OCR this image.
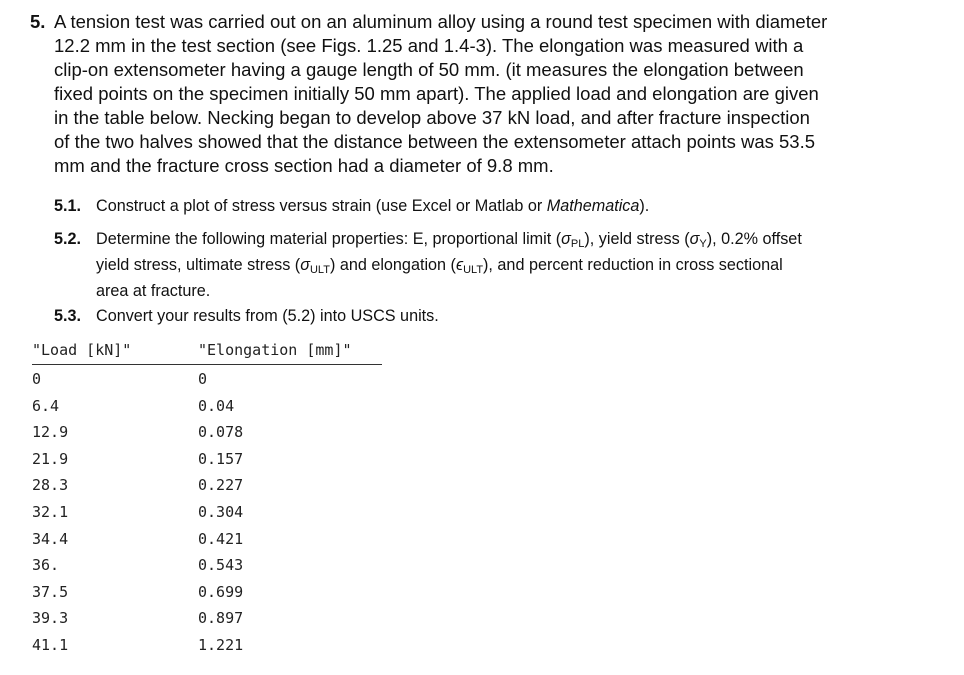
5. A tension test was carried out on an aluminum alloy using a round test specimen with diameter
12.2 mm in the test section (see Figs. 1.25 and 1.4-3). The elongation was measured with a
clip-on extensometer having a gauge length of 50 mm. (it measures the elongation between
fixed points on the specimen initially 50 mm apart). The applied load and elongation are given
in the table below. Necking began to develop above 37 kN load, and after fracture inspection
of the two halves showed that the distance between the extensometer attach points was 53.5
mm and the fracture cross section had a diameter of 9.8 mm.
5.1. Construct a plot of stress versus strain (use Excel or Matlab or Mathematica).
5.2. Determine the following material properties: E, proportional limit $(\sigma_{PL})$, yield stress $(\sigma_Y)$, 0.2% offset
yield stress, ultimate stress $(\sigma_{ULT})$ and elongation $(\epsilon_{ULT})$, and percent reduction in cross sectional
area at fracture.
5.3. Convert your results from (5.2) into USCS units.
"Load [kN]"	"Elongation [mm]"
0	0
6.4	0.04
12.9	0.078
21.9	0.157
28.3	0.227
32.1	0.304
34.4	0.421
36.	0.543
37.5	0.699
39.3	0.897
41.1	1.221
